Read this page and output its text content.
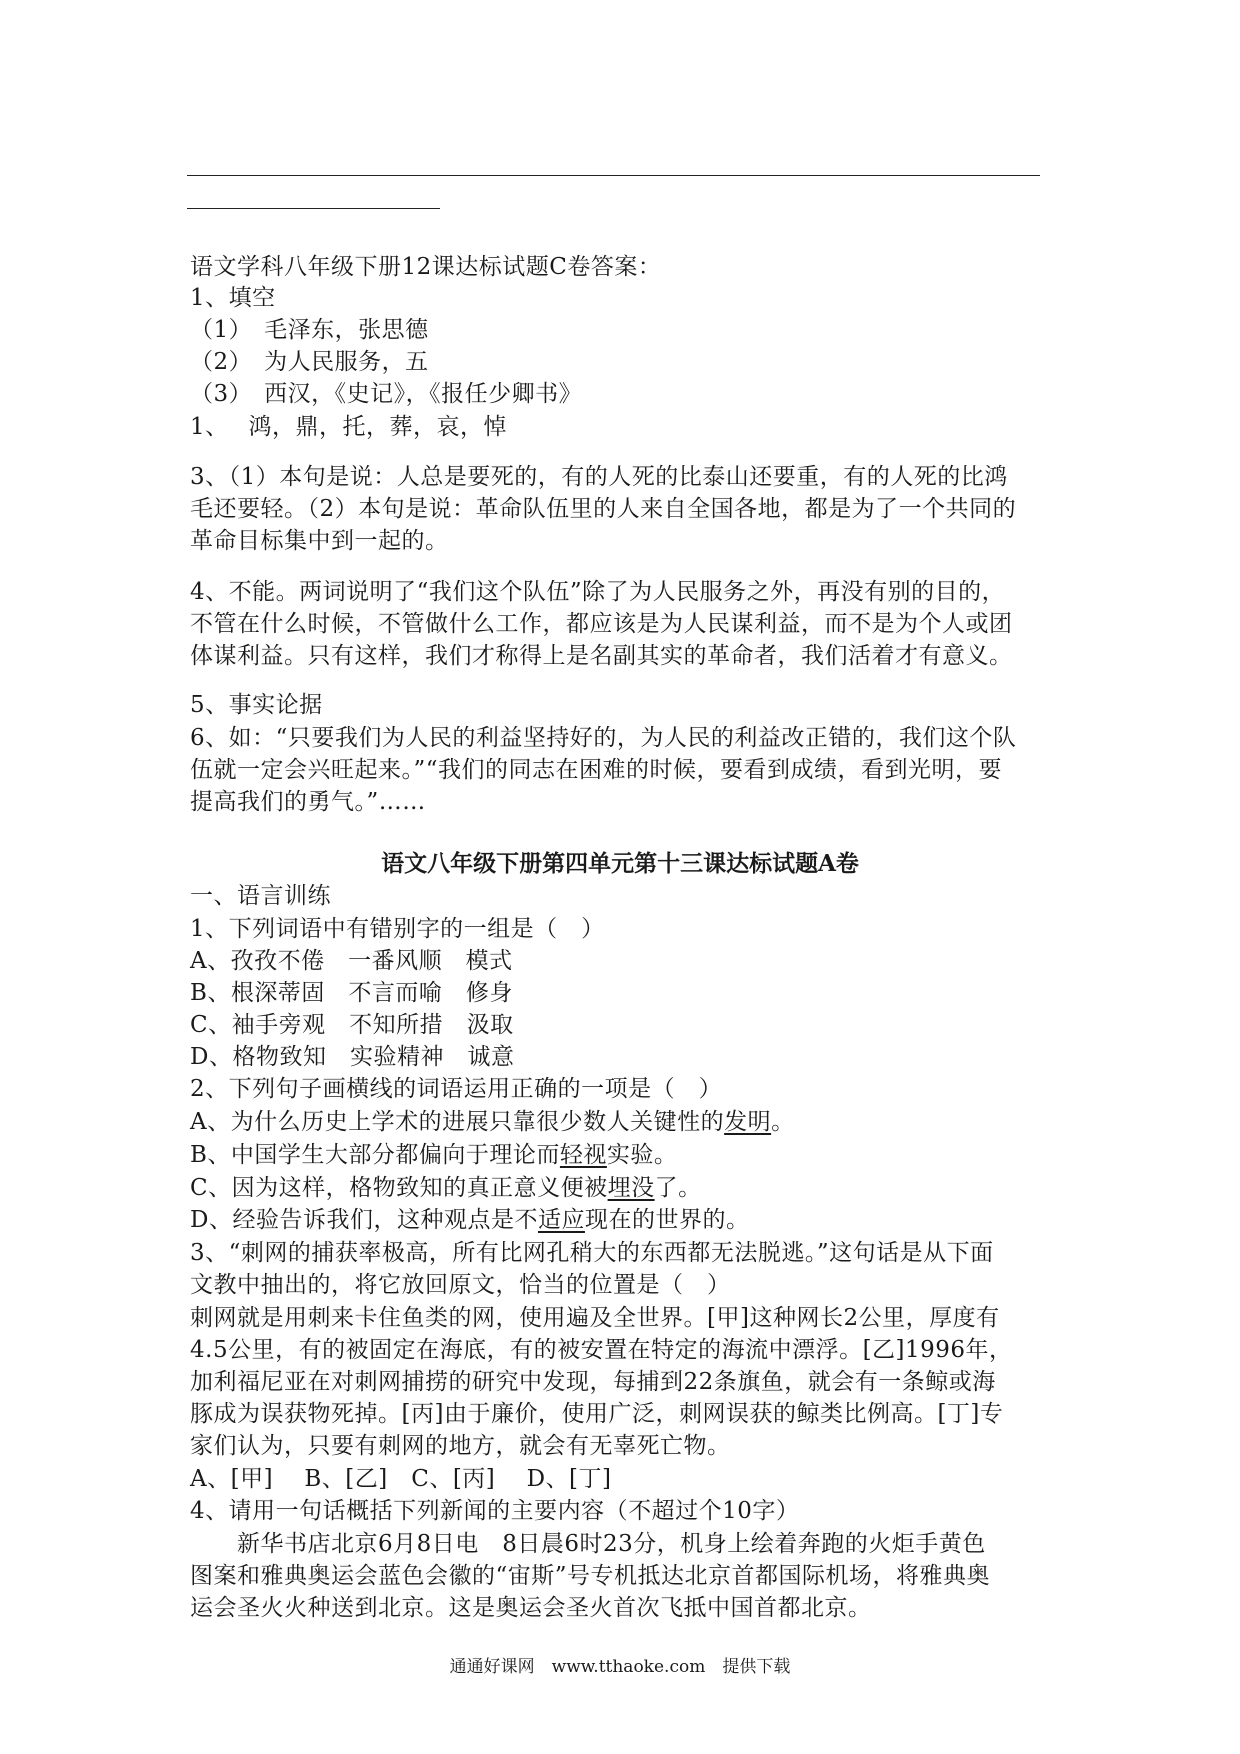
语文学科八年级下册12课达标试题C卷答案：
1、填空
（1）　毛泽东，张思德
（2）　为人民服务，五
（3）　西汉，《史记》，《报任少卿书》
1、　 鸿，鼎，托，葬，哀，悼
3、（1）本句是说：人总是要死的，有的人死的比泰山还要重，有的人死的比鸿
毛还要轻。（2）本句是说：革命队伍里的人来自全国各地，都是为了一个共同的
革命目标集中到一起的。
4、不能。两词说明了“我们这个队伍”除了为人民服务之外，再没有别的目的，
不管在什么时候，不管做什么工作，都应该是为人民谋利益，而不是为个人或团
体谋利益。只有这样，我们才称得上是名副其实的革命者，我们活着才有意义。
5、事实论据
6、如：“只要我们为人民的利益坚持好的，为人民的利益改正错的，我们这个队
伍就一定会兴旺起来。”“我们的同志在困难的时候，要看到成绩，看到光明，要
提高我们的勇气。”……
语文八年级下册第四单元第十三课达标试题A卷
一、语言训练
1、下列词语中有错别字的一组是（　）
A、孜孜不倦　一番风顺　模式
B、根深蒂固　不言而喻　修身
C、袖手旁观　不知所措　汲取
D、格物致知　实验精神　诚意
2、下列句子画横线的词语运用正确的一项是（　）
A、为什么历史上学术的进展只靠很少数人关键性的发明。
B、中国学生大部分都偏向于理论而轻视实验。
C、因为这样，格物致知的真正意义便被埋没了。
D、经验告诉我们，这种观点是不适应现在的世界的。
3、“刺网的捕获率极高，所有比网孔稍大的东西都无法脱逃。”这句话是从下面
文教中抽出的，将它放回原文，恰当的位置是（　）
刺网就是用刺来卡住鱼类的网，使用遍及全世界。[甲]这种网长2公里，厚度有
4.5公里，有的被固定在海底，有的被安置在特定的海流中漂浮。[乙]1996年，
加利福尼亚在对刺网捕捞的研究中发现，每捕到22条旗鱼，就会有一条鲸或海
豚成为误获物死掉。[丙]由于廉价，使用广泛，刺网误获的鲸类比例高。[丁]专
家们认为，只要有刺网的地方，就会有无辜死亡物。
A、[甲]　 B、[乙]　C、[丙]　 D、[丁]
4、请用一句话概括下列新闻的主要内容（不超过个10字）
　　新华书店北京6月8日电　8日晨6时23分，机身上绘着奔跑的火炬手黄色
图案和雅典奥运会蓝色会徽的“宙斯”号专机抵达北京首都国际机场，将雅典奥
运会圣火火种送到北京。这是奥运会圣火首次飞抵中国首都北京。
通通好课网　www.tthaoke.com　提供下载
